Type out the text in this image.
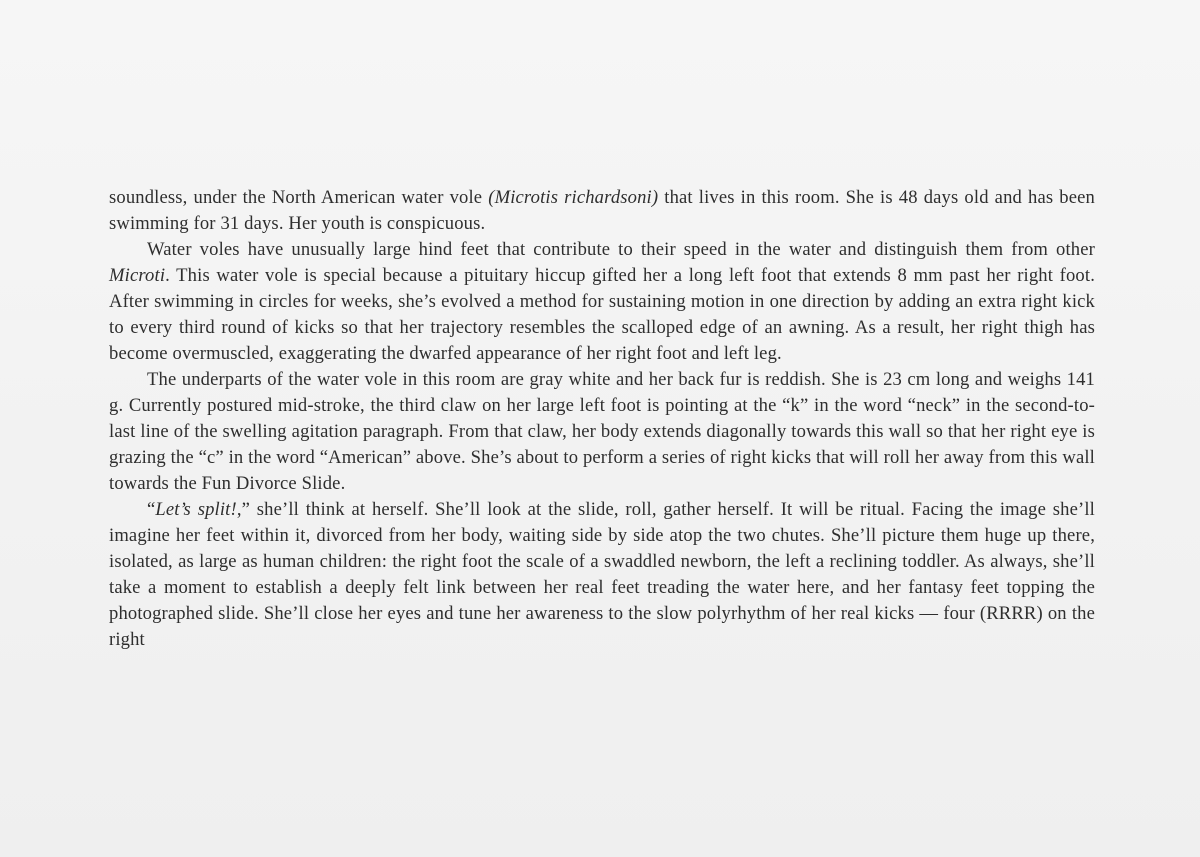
soundless, under the North American water vole (Microtis richardsoni) that lives in this room. She is 48 days old and has been swimming for 31 days. Her youth is conspicuous.

Water voles have unusually large hind feet that contribute to their speed in the water and distinguish them from other Microti. This water vole is special because a pituitary hiccup gifted her a long left foot that extends 8 mm past her right foot. After swimming in circles for weeks, she’s evolved a method for sustaining motion in one direction by adding an extra right kick to every third round of kicks so that her trajectory resembles the scalloped edge of an awning. As a result, her right thigh has become overmuscled, exaggerating the dwarfed appearance of her right foot and left leg.

The underparts of the water vole in this room are gray white and her back fur is reddish. She is 23 cm long and weighs 141 g. Currently postured mid-stroke, the third claw on her large left foot is pointing at the “k” in the word “neck” in the second-to-last line of the swelling agitation paragraph. From that claw, her body extends diagonally towards this wall so that her right eye is grazing the “c” in the word “American” above. She’s about to perform a series of right kicks that will roll her away from this wall towards the Fun Divorce Slide.

“Let’s split!,” she’ll think at herself. She’ll look at the slide, roll, gather herself. It will be ritual. Facing the image she’ll imagine her feet within it, divorced from her body, waiting side by side atop the two chutes. She’ll picture them huge up there, isolated, as large as human children: the right foot the scale of a swaddled newborn, the left a reclining toddler. As always, she’ll take a moment to establish a deeply felt link between her real feet treading the water here, and her fantasy feet topping the photographed slide. She’ll close her eyes and tune her awareness to the slow polyrhythm of her real kicks — four (RRRR) on the right
